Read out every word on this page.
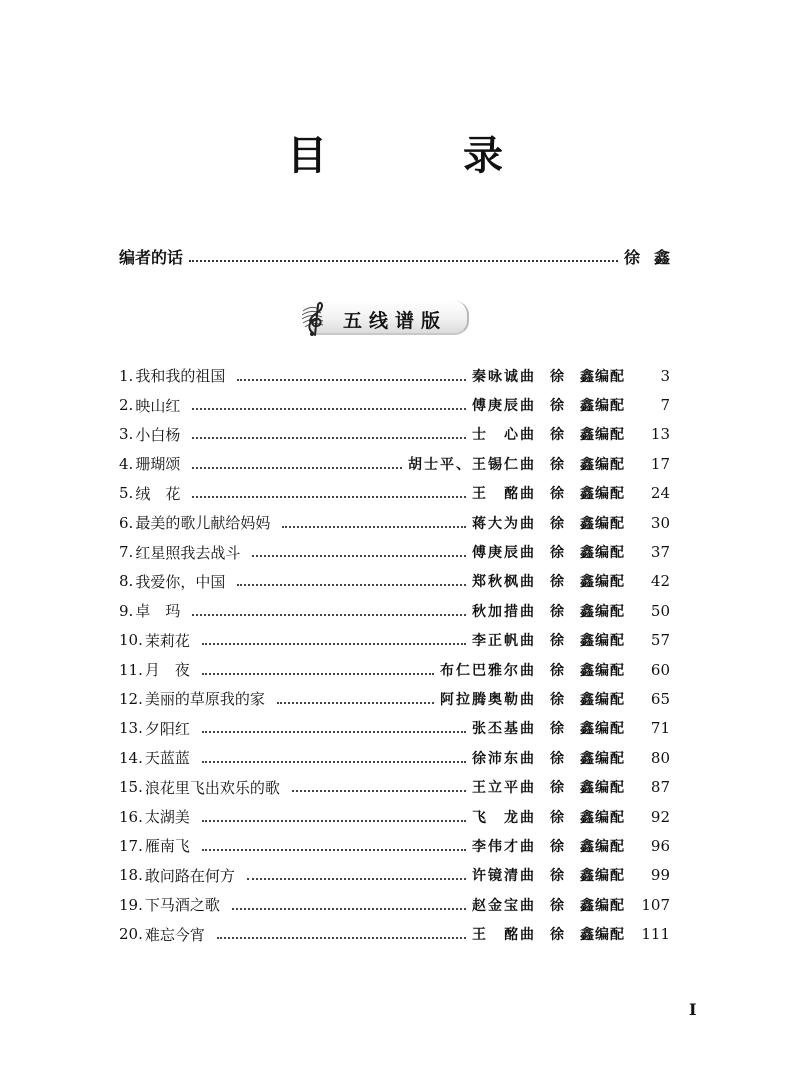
目　录
编者的话	徐鑫
五线谱版
1. 我和我的祖国	秦咏诚曲 徐　鑫编配	3
2. 映山红	傅庚辰曲 徐　鑫编配	7
3. 小白杨	士　心曲 徐　鑫编配	13
4. 珊瑚颂	胡士平、王锡仁曲 徐　鑫编配	17
5. 绒　花	王　酩曲 徐　鑫编配	24
6. 最美的歌儿献给妈妈	蒋大为曲 徐　鑫编配	30
7. 红星照我去战斗	傅庚辰曲 徐　鑫编配	37
8. 我爱你，中国	郑秋枫曲 徐　鑫编配	42
9. 卓　玛	秋加措曲 徐　鑫编配	50
10. 茉莉花	李正帆曲 徐　鑫编配	57
11. 月　夜	布仁巴雅尔曲 徐　鑫编配	60
12. 美丽的草原我的家	阿拉腾奥勒曲 徐　鑫编配	65
13. 夕阳红	张丕基曲 徐　鑫编配	71
14. 天蓝蓝	徐沛东曲 徐　鑫编配	80
15. 浪花里飞出欢乐的歌	王立平曲 徐　鑫编配	87
16. 太湖美	飞　龙曲 徐　鑫编配	92
17. 雁南飞	李伟才曲 徐　鑫编配	96
18. 敢问路在何方	许镜清曲 徐　鑫编配	99
19. 下马酒之歌	赵金宝曲 徐　鑫编配	107
20. 难忘今宵	王　酩曲 徐　鑫编配	111
I
